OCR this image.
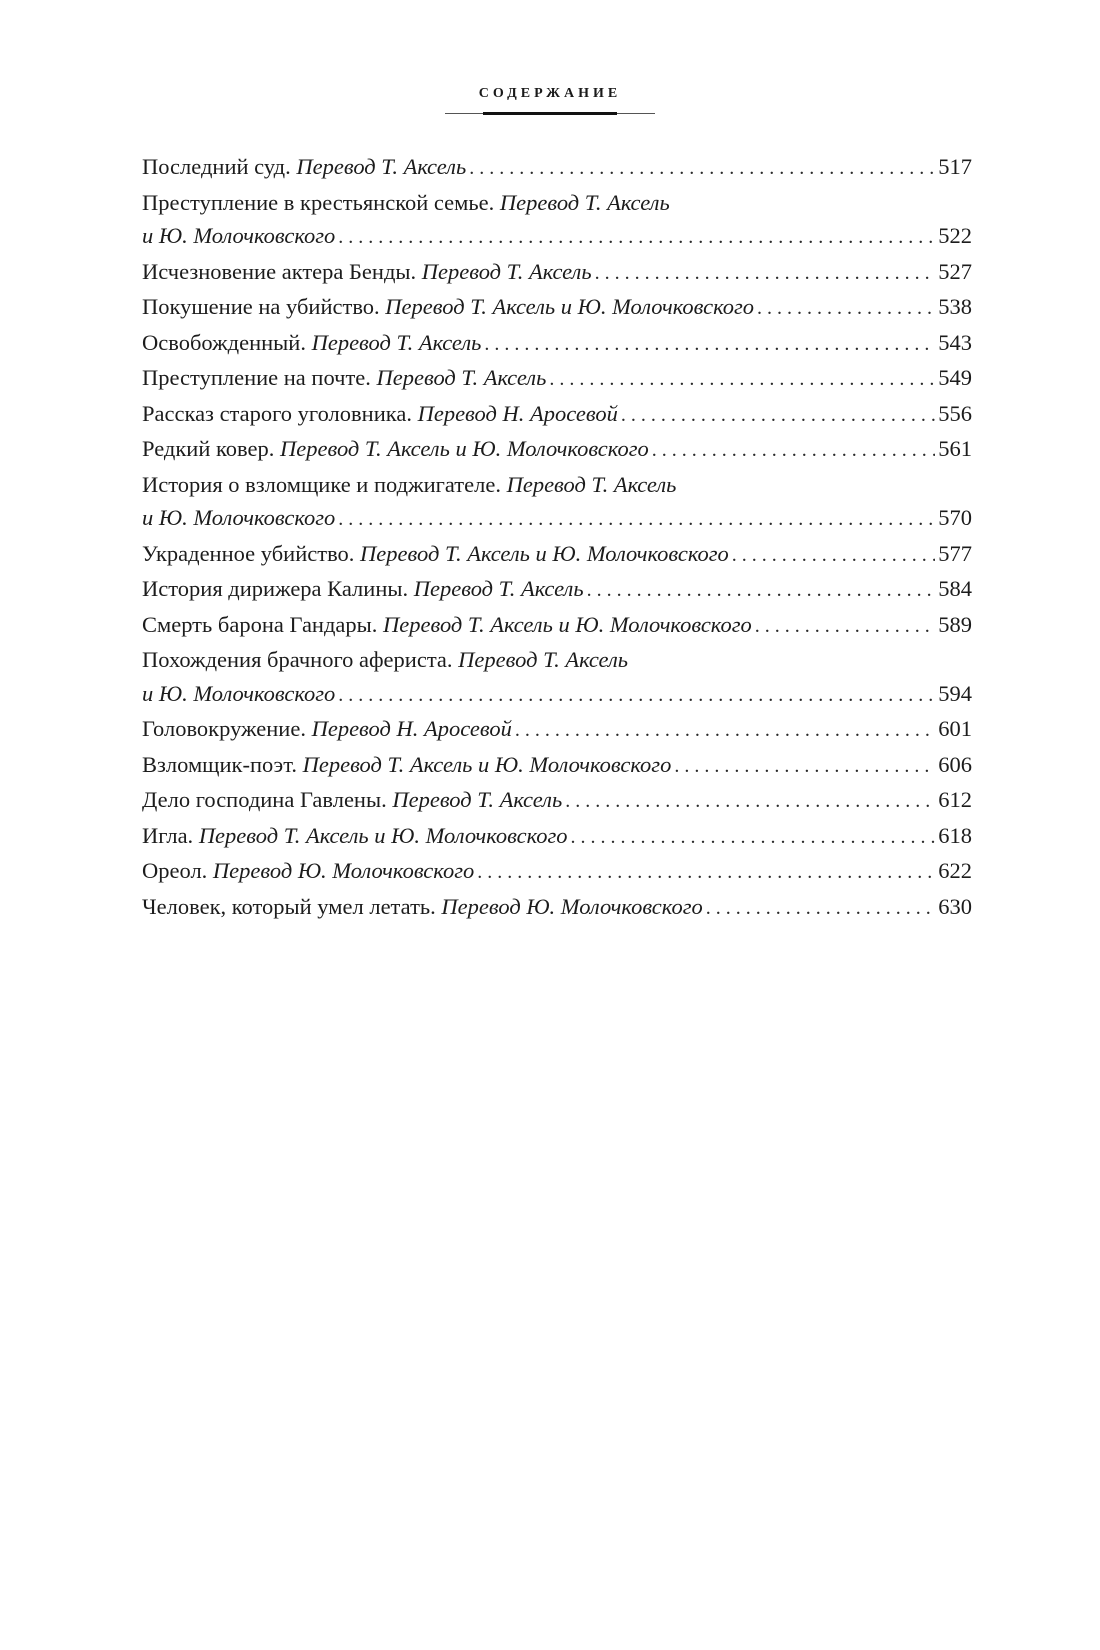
СОДЕРЖАНИЕ
Последний суд. Перевод Т. Аксель . . .	517
Преступление в крестьянской семье. Перевод Т. Аксель
и Ю. Молочковского . . .	522
Исчезновение актера Бенды. Перевод Т. Аксель . . .	527
Покушение на убийство. Перевод Т. Аксель и Ю. Молочковского . . .	538
Освобожденный. Перевод Т. Аксель . . .	543
Преступление на почте. Перевод Т. Аксель . . .	549
Рассказ старого уголовника. Перевод Н. Аросевой . . .	556
Редкий ковер. Перевод Т. Аксель и Ю. Молочковского . . .	561
История о взломщике и поджигателе. Перевод Т. Аксель
и Ю. Молочковского . . .	570
Украденное убийство. Перевод Т. Аксель и Ю. Молочковского . . .	577
История дирижера Калины. Перевод Т. Аксель . . .	584
Смерть барона Гандары. Перевод Т. Аксель и Ю. Молочковского . . .	589
Похождения брачного афериста. Перевод Т. Аксель
и Ю. Молочковского . . .	594
Головокружение. Перевод Н. Аросевой . . .	601
Взломщик-поэт. Перевод Т. Аксель и Ю. Молочковского . . .	606
Дело господина Гавлены. Перевод Т. Аксель . . .	612
Игла. Перевод Т. Аксель и Ю. Молочковского . . .	618
Ореол. Перевод Ю. Молочковского . . .	622
Человек, который умел летать. Перевод Ю. Молочковского . . .	630
